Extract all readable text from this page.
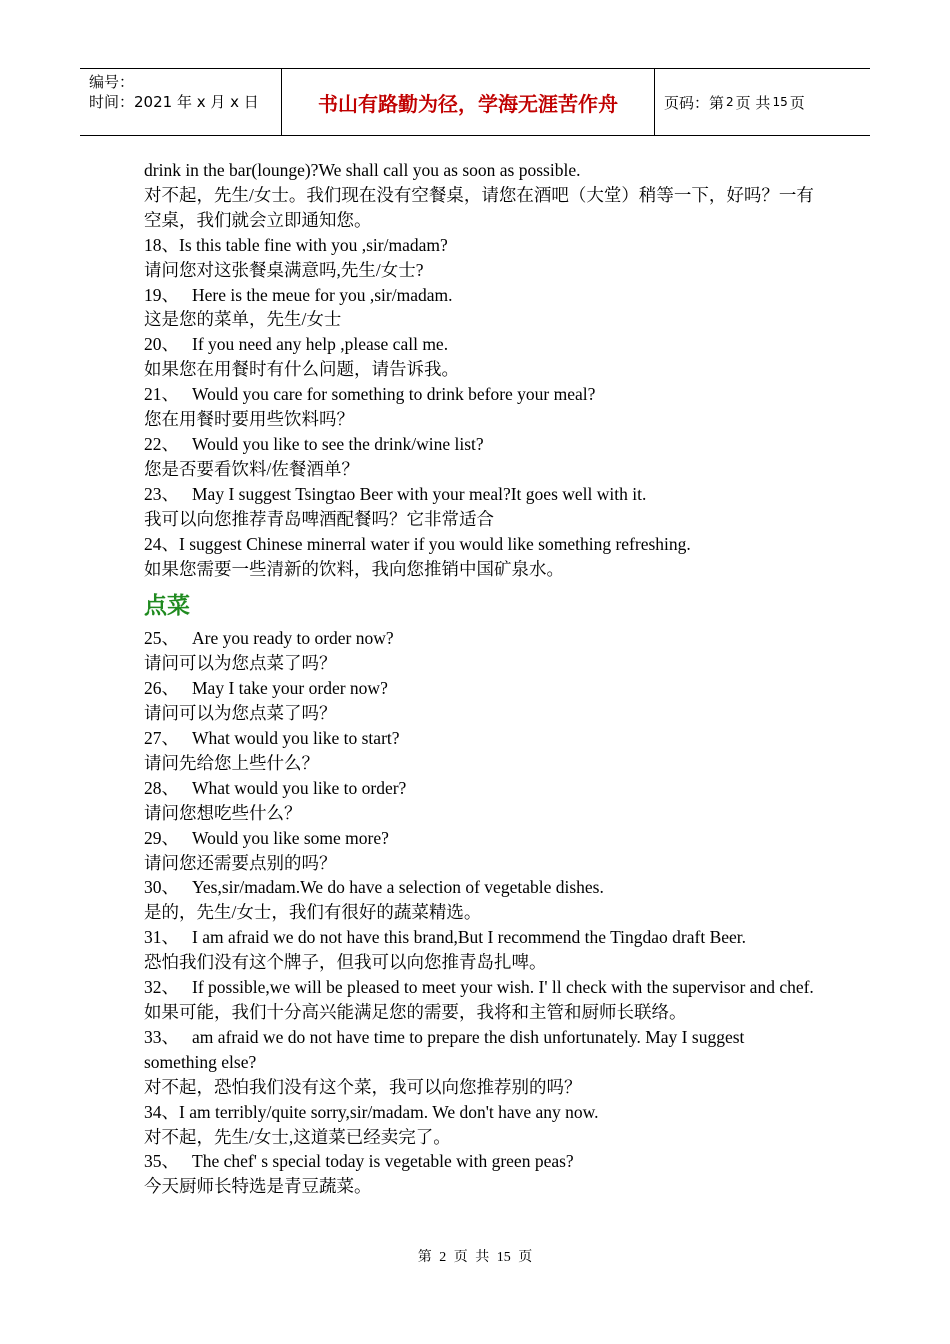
编号：
时间：2021 年 x 月 x 日	书山有路勤为径，学海无涯苦作舟	页码：第 2 页 共 15 页
drink in the bar(lounge)?We shall call you as soon as possible.
对不起，先生/女士。我们现在没有空餐桌，请您在酒吧（大堂）稍等一下，好吗？一有空桌，我们就会立即通知您。
18、Is this table fine with you ,sir/madam?
请问您对这张餐桌满意吗,先生/女士?
19、 Here is the meue for you ,sir/madam.
这是您的菜单，先生/女士
20、 If you need any help ,please call me.
如果您在用餐时有什么问题，请告诉我。
21、 Would you care for something to drink before your meal?
您在用餐时要用些饮料吗？
22、 Would you like to see the drink/wine list?
您是否要看饮料/佐餐酒单？
23、 May I suggest Tsingtao Beer with your meal?It goes well with it.
我可以向您推荐青岛啤酒配餐吗？它非常适合
24、I suggest Chinese minerral water if you would like something refreshing.
如果您需要一些清新的饮料，我向您推销中国矿泉水。
点菜
25、 Are you ready to order now?
请问可以为您点菜了吗？
26、 May I take your order now?
请问可以为您点菜了吗？
27、 What would you like to start?
请问先给您上些什么？
28、 What would you like to order?
请问您想吃些什么？
29、 Would you like some more?
请问您还需要点别的吗？
30、 Yes,sir/madam.We do have a selection of vegetable dishes.
是的，先生/女士，我们有很好的蔬菜精选。
31、 I am afraid we do not have this brand,But I recommend the Tingdao draft Beer.
恐怕我们没有这个牌子，但我可以向您推青岛扎啤。
32、 If possible,we will be pleased to meet your wish. I' ll check with the supervisor and chef.
如果可能，我们十分高兴能满足您的需要，我将和主管和厨师长联络。
33、 am afraid we do not have time to prepare the dish unfortunately. May I suggest something else?
对不起，恐怕我们没有这个菜，我可以向您推荐别的吗？
34、I am terribly/quite sorry,sir/madam. We don't have any now.
对不起，先生/女士,这道菜已经卖完了。
35、 The chef' s special today is vegetable with green peas?
今天厨师长特选是青豆蔬菜。
第 2 页 共 15 页
